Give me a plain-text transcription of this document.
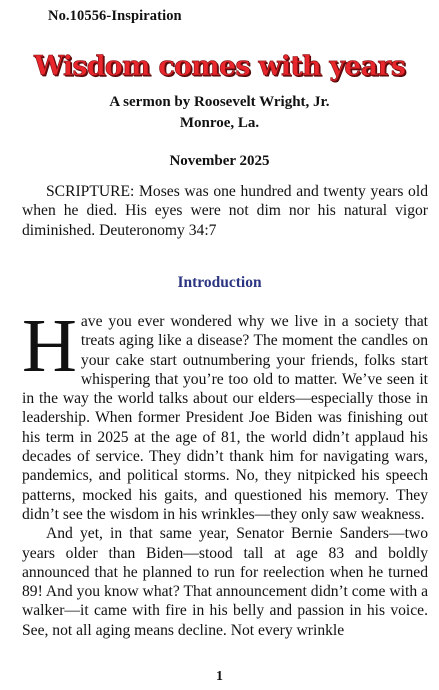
No.10556-Inspiration
Wisdom comes with years
A sermon by Roosevelt Wright, Jr.
Monroe, La.
November 2025

SCRIPTURE: Moses was one hundred and twenty years old when he died. His eyes were not dim nor his natural vigor diminished. Deuteronomy 34:7

Introduction

Have you ever wondered why we live in a society that treats aging like a disease? The moment the candles on your cake start outnumbering your friends, folks start whispering that you’re too old to matter. We’ve seen it in the way the world talks about our elders—especially those in leadership. When former President Joe Biden was finishing out his term in 2025 at the age of 81, the world didn’t applaud his decades of service. They didn’t thank him for navigating wars, pandemics, and political storms. No, they nitpicked his speech patterns, mocked his gaits, and questioned his memory. They didn’t see the wisdom in his wrinkles—they only saw weakness.

And yet, in that same year, Senator Bernie Sanders—two years older than Biden—stood tall at age 83 and boldly announced that he planned to run for reelection when he turned 89! And you know what? That announcement didn’t come with a walker—it came with fire in his belly and passion in his voice. See, not all aging means decline. Not every wrinkle

1
